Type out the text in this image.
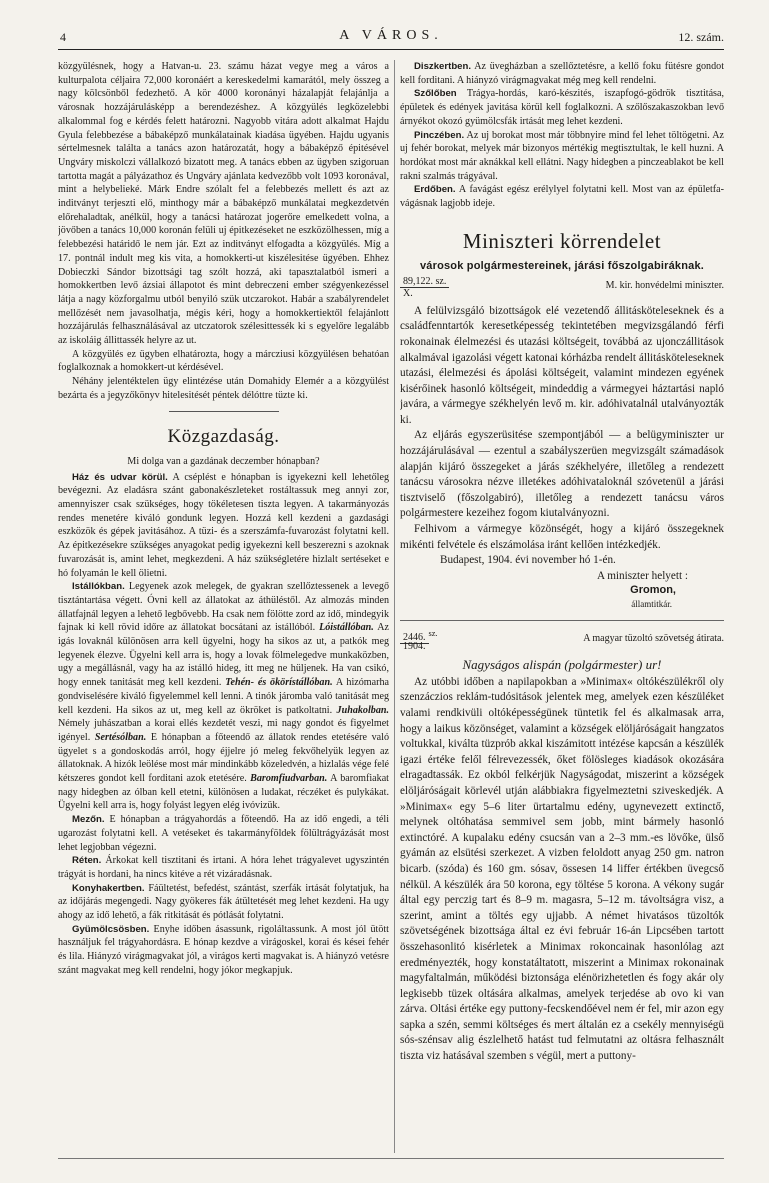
4	A VÁROS.	12. szám.

közgyülésnek, hogy a Hatvan-u. 23. számu házat vegye meg a város a kulturpalota céljaira 72,000 koronáért a kereskedelmi kamarától, mely összeg a nagy kölcsönből fedezhető. A kör 4000 koronányi házalapját felajánlja a városnak hozzájárulásképp a berendezéshez. A közgyülés legközelebbi alkalommal fog e kérdés felett határozni. Nagyobb vitára adott alkalmat Hajdu Gyula felebbezése a bábaképző munkálatainak kiadása ügyében. Hajdu ugyanis sértelmesnek találta a tanács azon határozatát, hogy a bábaképző épitésével Ungváry miskolczi vállalkozó bizatott meg. A tanács ebben az ügyben szigoruan tartotta magát a pályázathoz és Ungváry ajánlata kedvezőbb volt 1093 koronával, mint a helybelieké. Márk Endre szólalt fel a felebbezés mellett és azt az inditványt terjeszti elő, minthogy már a bábaképző munkálatai megkezdetvén előrehaladtak, anélkül, hogy a tanácsi határozat jogerőre emelkedett volna, a jövőben a tanács 10,000 koronán felüli uj épitkezéseket ne eszközölhessen, míg a felebbezési határidő le nem jár. Ezt az inditványt elfogadta a közgyülés. Míg a 17. pontnál indult meg kis vita, a homokkerti-ut kiszélesitése ügyében. Ehhez Dobieczki Sándor bizottsági tag szólt hozzá, aki tapasztalatból ismeri a homokkertben levő ázsiai állapotot és mint debreczeni ember szégyenkezéssel látja a nagy közforgalmu utból benyiló szük utczarokot. Habár a szabályrendelet mellőzését nem javasolhatja, mégis kéri, hogy a homokkertiektől felajánlott hozzájárulás felhasználásával az utczatorok szélesittessék ki s egyelőre legalább az iskoláig állittassék helyre az ut.

A közgyülés ez ügyben elhatározta, hogy a márcziusi közgyülésen behatóan foglalkoznak a homokkert-ut kérdésével.

Néhány jelentéktelen ügy elintézése után Domahidy Elemér a a közgyülést bezárta és a jegyzőkönyv hitelesitését péntek délóttre tüzte ki.

Közgazdaság.
Mi dolga van a gazdának deczember hónapban?

Ház és udvar körül. A cséplést e hónapban is igyekezni kell lehetőleg bevégezni. Az eladásra szánt gabonakészleteket rostáltassuk meg annyi zor, amennyiszer csak szükséges, hogy tökéletesen tiszta legyen. A takarmányozás rendes menetére kiváló gondunk legyen. Hozzá kell kezdeni a gazdasági eszközök és gépek javitásához. A tüzi- és a szerszámfa-fuvarozást folytatni kell. Az épitkezésekre szükséges anyagokat pedig igyekezni kell beszerezni s azoknak fuvarozását is, amint lehet, megkezdeni. A ház szükségletére hizlalt sertéseket e hó folyamán le kell ölietni.

Istállókban. Legyenek azok melegek, de gyakran szellőztessenek a levegő tisztántartása végett. Óvni kell az állatokat az áthüléstől. Az almozás minden állatfajnál legyen a lehető legbővebb. Ha csak nem fölötte zord az idő, mindegyik fajnak ki kell rövid időre az állatokat bocsátani az istállóból. Lóistállóban. Az igás lovaknál különösen arra kell ügyelni, hogy ha sikos az ut, a patkók meg legyenek élezve. Ügyelni kell arra is, hogy a lovak fölmelegedve munkaközben, ugy a megállásnál, vagy ha az istálló hideg, itt meg ne hüljenek. Ha van csikó, hogy ennek tanitását meg kell kezdeni. Tehén- és ökörístállóban. A hizómarha gondviselésére kiváló figyelemmel kell lenni. A tinók járomba való tanitását meg kell kezdeni. Ha sikos az ut, meg kell az ökröket is patkoltatni. Juhakolban. Némely juhászatban a korai ellés kezdetét veszi, mi nagy gondot és figyelmet igényel. Sertésólban. E hónapban a főteendő az állatok rendes etetésére való ügyelet s a gondoskodás arról, hogy éjjelre jó meleg fekvőhelyük legyen az állatoknak. A hizók leölése most már mindinkább közeledvén, a hizlalás vége felé kétszeres gondot kell forditani azok etetésére. Baromfiudvarban. A baromfiakat nagy hidegben az ólban kell etetni, különösen a ludakat, réczéket és pulykákat. Ügyelni kell arra is, hogy folyást legyen elég ivóvizük.

Mezőn. E hónapban a trágyahordás a főteendő. Ha az idő engedi, a téli ugarozást folytatni kell. A vetéseket és takarmányföldek fölültrágyázását most lehet legjobban végezni.

Réten. Árkokat kell tisztitani és irtani. A hóra lehet trágyalevet ugyszintén trágyát is hordani, ha nincs kitéve a rét vizáradásnak.

Konyhakertben. Fáültetést, befedést, szántást, szerfák irtását folytatjuk, ha az időjárás megengedi. Nagy gyökeres fák átültetését meg lehet kezdeni. Ha ugy ahogy az idő lehető, a fák ritkitását és pótlását folytatni.

Gyümölcsösben. Enyhe időben ásassunk, rigoláltassunk. A most jól ütött használjuk fel trágyahordásra. E hónap kezdve a virágoskel, korai és kései fehér és lila. Hiányzó virágmagvakat jól, a virágos kerti magvakat is. A hiányzó vetésre szánt magvakat meg kell rendelni, hogy jókor megkapjuk.

Diszkertben. Az üvegházban a szellőztetésre, a kellő foku fütésre gondot kell forditani. A hiányzó virágmagvakat még meg kell rendelni.

Szőlőben Trágya-hordás, karó-készités, iszapfogó-gödrök tisztitása, épületek és edények javitása körül kell foglalkozni. A szőlőszakaszokban levő árnyékot okozó gyümölcsfák irtását meg lehet kezdeni.

Pinczében. Az uj borokat most már többnyire mind fel lehet töltögetni. Az uj fehér borokat, melyek már bizonyos mértékig megtisztultak, le kell huzni. A hordókat most már aknákkal kell ellátni. Nagy hidegben a pinczeablakot be kell rakni szalmás trágyával.

Erdőben. A favágást egész erélylyel folytatni kell. Most van az épületfa-vágásnak lagjobb ideje.

Miniszteri körrendelet
városok polgármestereinek, járási főszolgabiráknak.
$\frac{89,122. sz.}{X.}$	M. kir. honvédelmi miniszter.

A felülvizsgáló bizottságok elé vezetendő állitásköteleseknek és a családfenntartók keresetképesség tekintetében megvizsgálandó férfi rokonainak élelmezési és utazási költségeit, továbbá az ujonczállitások alkalmával igazolási végett katonai kórházba rendelt állitásköteleseknek utazási, élelmezési és ápolási költségeit, valamint mindezen egyének kisérőinek hasonló költségeit, mindeddig a vármegyei háztartási napló javára, a vármegye székhelyén levő m. kir. adóhivatalnál utalványozták ki.

Az eljárás egyszerüsitése szempontjából — a belügyminiszter ur hozzájárulásával — ezentul a szabályszerüen megvizsgált számadások alapján kijáró összegeket a járás székhelyére, illetőleg a rendezett tanácsu városokra nézve illetékes adóhivataloknál szóvetenül a járási tisztviselő (főszolgabiró), illetőleg a rendezett tanácsu város polgármestere kezeihez fogom kiutalványozni.

Felhivom a vármegye közönségét, hogy a kijáró összegeknek mikénti felvétele és elszámolása iránt kellően intézkedjék.

Budapest, 1904. évi november hó 1-én.

A miniszter helyett :

Gromon,

államtitkár.

2446. $^{sz.}$
1904.
A magyar tüzoltó szövetség átirata.
Nagyságos alispán (polgármester) ur!

Az utóbbi időben a napilapokban a »Minimax« oltókészülékről oly szenzáczios reklám-tudósitások jelentek meg, amelyek ezen készüléket valami rendkivüli oltóképességünek tüntetik fel és alkalmasak arra, hogy a laikus közönséget, valamint a községek elöljáróságait hangzatos voltukkal, kiválta tüzprób akkal kiszámitott intézése kapcsán a készülék igazi értéke felől félrevezessék, őket fölösleges kiadások okozására elragadtassák. Ez okból felkérjük Nagyságodat, miszerint a községek elöljáróságait körlevél utján alábbiakra figyelmeztetni sziveskedjék. A »Minimax« egy 5–6 liter ürtartalmu edény, ugynevezett extinctő, melynek oltóhatása semmivel sem jobb, mint bármely hasonló extinctóré. A kupalaku edény csucsán van a 2–3 mm.-es lövőke, ülső gyámán az elsütési szerkezet. A vizben feloldott anyag 250 gm. natron bicarb. (szóda) és 160 gm. sósav, össesen 14 liffer értékben üvegcső nélkül. A készülék ára 50 korona, egy töltése 5 korona. A vékony sugár által egy perczig tart és 8–9 m. magasra, 5–12 m. távoltságra visz, a szerint, amint a töltés egy ujjabb. A német hivatásos tüzoltók szövetségének bizottsága által ez évi február 16-án Lipcsében tartott összehasonlitó kisérletek a Minimax rokoncainak hasonlólag azt eredményezték, hogy konstatáltatott, miszerint a Minimax rokonainak magyfaltalmán, működési biztonsága elénörizhetetlen és fogy akár oly legkisebb tüzek oltására alkalmas, amelyek terjedése ab ovo ki van zárva. Oltási értéke egy puttony-fecskendőével nem ér fel, mir azon egy sapka a szén, semmi költséges és mert általán ez a csekély mennyiségü sós-szénsav alig észlelhető hatást tud felmutatni az oltásra felhasznált tiszta viz hatásával szemben s végül, mert a puttony-
